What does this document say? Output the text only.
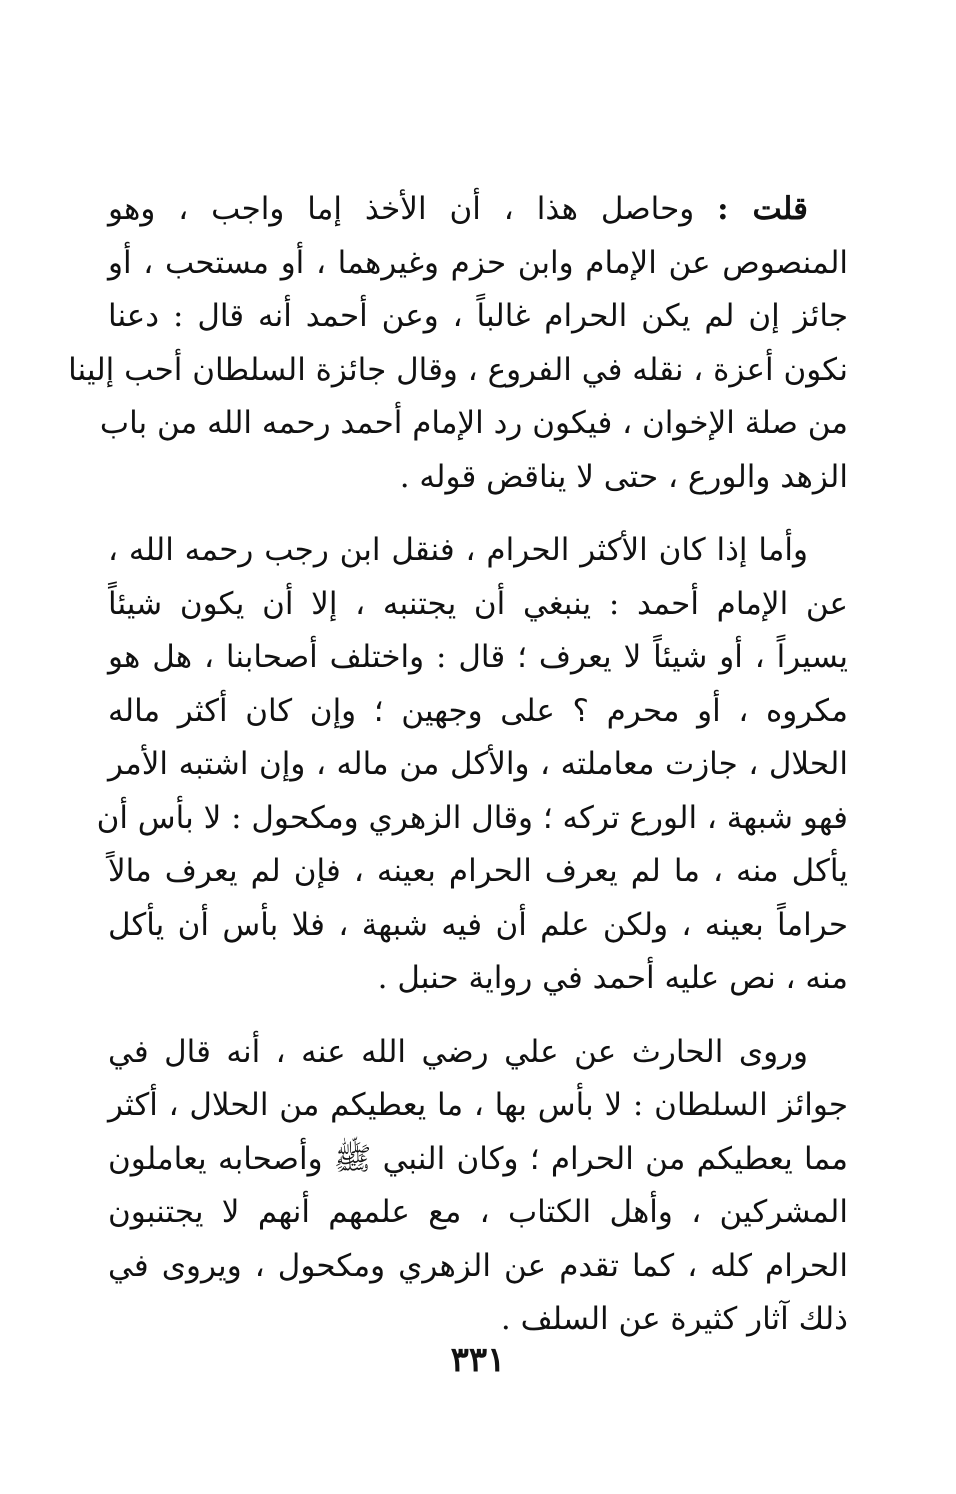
قلت : وحاصل هذا ، أن الأخذ إما واجب ، وهو
المنصوص عن الإمام وابن حزم وغيرهما ، أو مستحب ، أو
جائز إن لم يكن الحرام غالباً ، وعن أحمد أنه قال : دعنا
نكون أعزة ، نقله في الفروع ، وقال جائزة السلطان أحب إلينا
من صلة الإخوان ، فيكون رد الإمام أحمد رحمه الله من باب
الزهد والورع ، حتى لا يناقض قوله .
وأما إذا كان الأكثر الحرام ، فنقل ابن رجب رحمه الله ،
عن الإمام أحمد : ينبغي أن يجتنبه ، إلا أن يكون شيئاً
يسيراً ، أو شيئاً لا يعرف ؛ قال : واختلف أصحابنا ، هل هو
مكروه ، أو محرم ؟ على وجهين ؛ وإن كان أكثر ماله
الحلال ، جازت معاملته ، والأكل من ماله ، وإن اشتبه الأمر
فهو شبهة ، الورع تركه ؛ وقال الزهري ومكحول : لا بأس أن
يأكل منه ، ما لم يعرف الحرام بعينه ، فإن لم يعرف مالاً
حراماً بعينه ، ولكن علم أن فيه شبهة ، فلا بأس أن يأكل
منه ، نص عليه أحمد في رواية حنبل .
وروى الحارث عن علي رضي الله عنه ، أنه قال في
جوائز السلطان : لا بأس بها ، ما يعطيكم من الحلال ، أكثر
مما يعطيكم من الحرام ؛ وكان النبي ﷺ وأصحابه يعاملون
المشركين ، وأهل الكتاب ، مع علمهم أنهم لا يجتنبون
الحرام كله ، كما تقدم عن الزهري ومكحول ، ويروى في
ذلك آثار كثيرة عن السلف .
٣٣١
